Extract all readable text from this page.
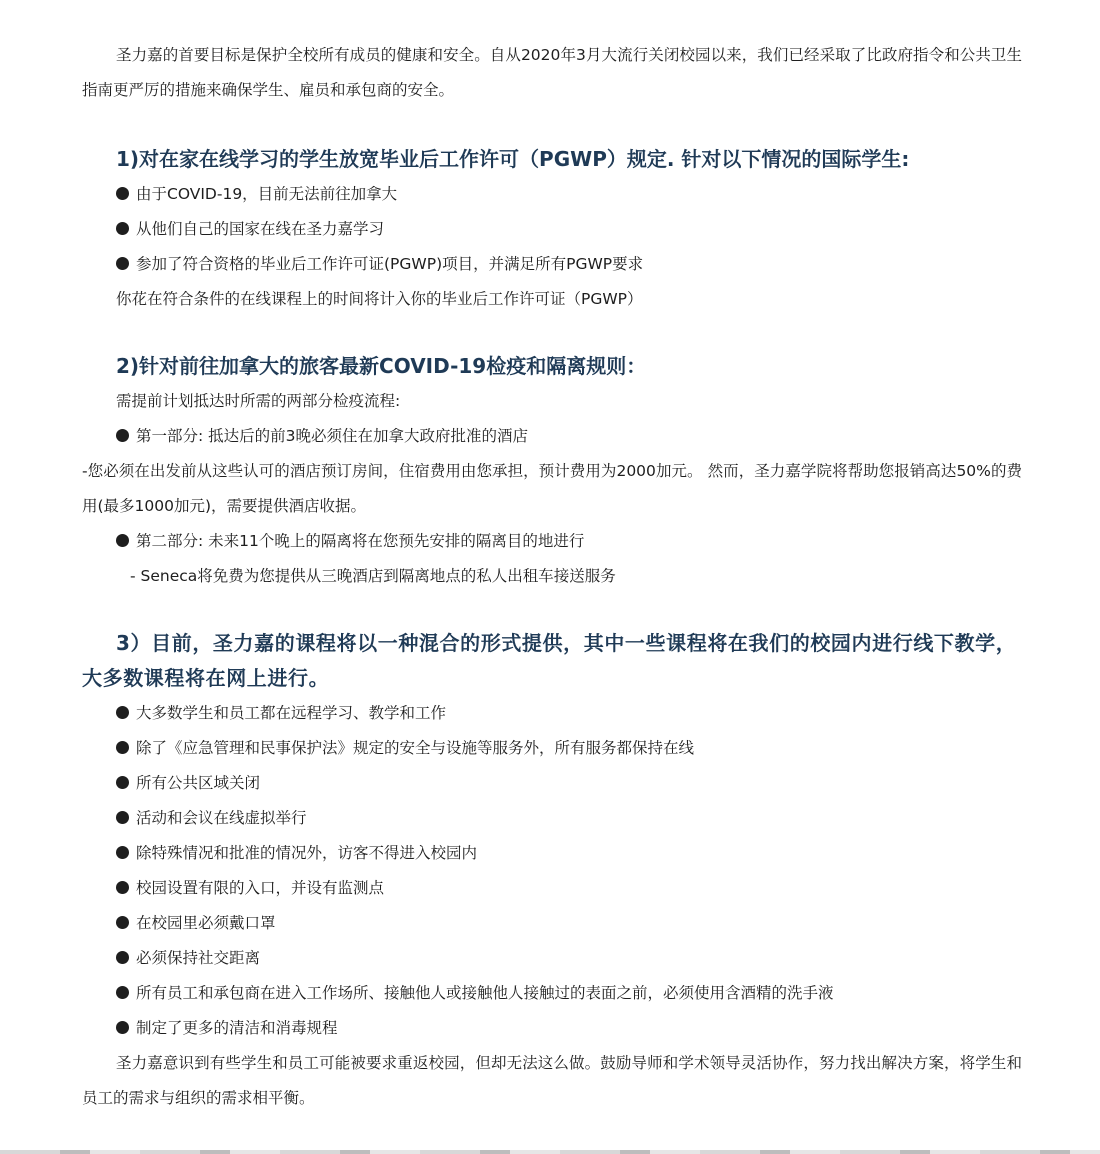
圣力嘉的首要目标是保护全校所有成员的健康和安全。自从2020年3月大流行关闭校园以来，我们已经采取了比政府指令和公共卫生指南更严厉的措施来确保学生、雇员和承包商的安全。

1)对在家在线学习的学生放宽毕业后工作许可（PGWP）规定. 针对以下情况的国际学生:

由于COVID-19，目前无法前往加拿大

从他们自己的国家在线在圣力嘉学习

参加了符合资格的毕业后工作许可证(PGWP)项目，并满足所有PGWP要求

你花在符合条件的在线课程上的时间将计入你的毕业后工作许可证（PGWP）

2)针对前往加拿大的旅客最新COVID-19检疫和隔离规则：

需提前计划抵达时所需的两部分检疫流程:

第一部分: 抵达后的前3晚必须住在加拿大政府批准的酒店

-您必须在出发前从这些认可的酒店预订房间，住宿费用由您承担，预计费用为2000加元。 然而，圣力嘉学院将帮助您报销高达50%的费用(最多1000加元)，需要提供酒店收据。

第二部分: 未来11个晚上的隔离将在您预先安排的隔离目的地进行

- Seneca将免费为您提供从三晚酒店到隔离地点的私人出租车接送服务

3）目前，圣力嘉的课程将以一种混合的形式提供，其中一些课程将在我们的校园内进行线下教学，大多数课程将在网上进行。

大多数学生和员工都在远程学习、教学和工作

除了《应急管理和民事保护法》规定的安全与设施等服务外，所有服务都保持在线

所有公共区域关闭

活动和会议在线虚拟举行

除特殊情况和批准的情况外，访客不得进入校园内

校园设置有限的入口，并设有监测点

在校园里必须戴口罩

必须保持社交距离

所有员工和承包商在进入工作场所、接触他人或接触他人接触过的表面之前，必须使用含酒精的洗手液

制定了更多的清洁和消毒规程

圣力嘉意识到有些学生和员工可能被要求重返校园，但却无法这么做。鼓励导师和学术领导灵活协作，努力找出解决方案，将学生和员工的需求与组织的需求相平衡。
